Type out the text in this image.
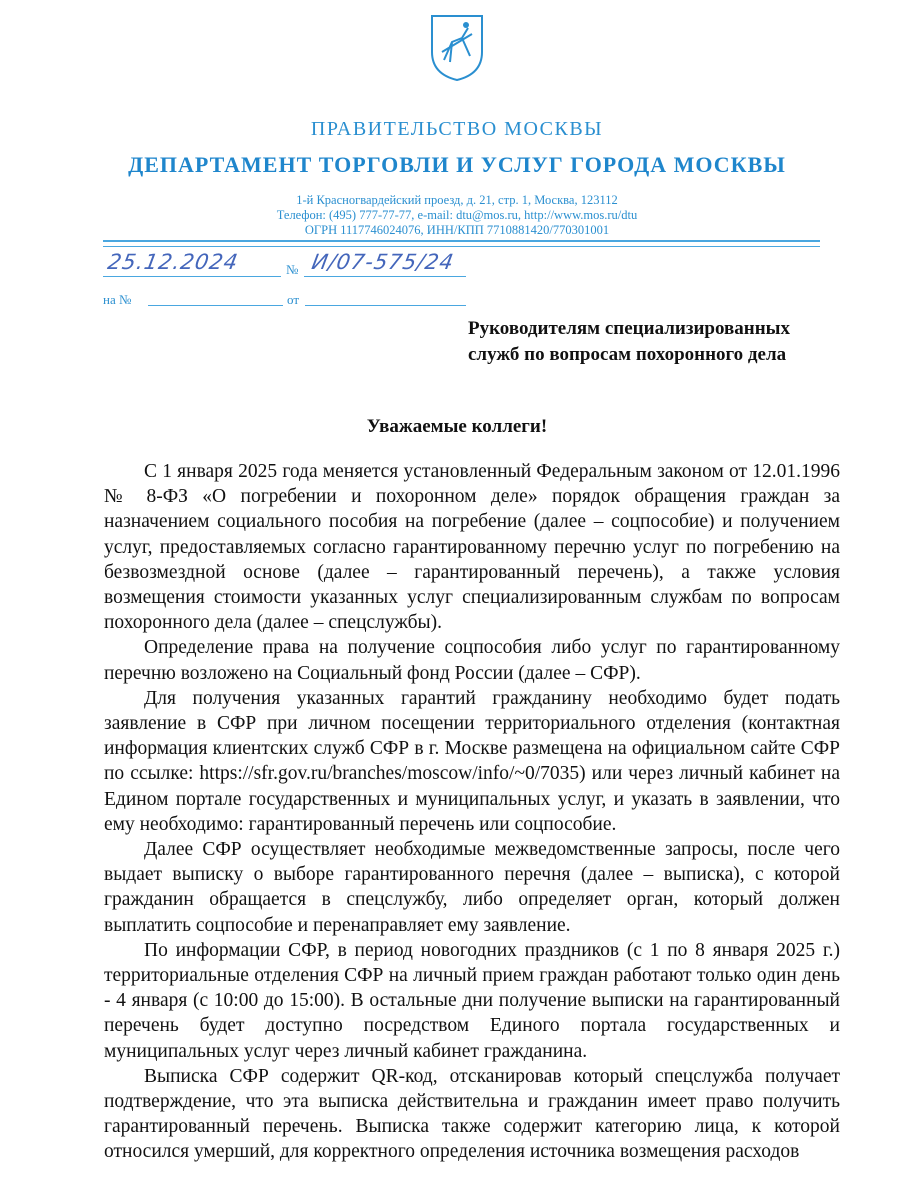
ПРАВИТЕЛЬСТВО МОСКВЫ
ДЕПАРТАМЕНТ ТОРГОВЛИ И УСЛУГ ГОРОДА МОСКВЫ
1-й Красногвардейский проезд, д. 21, стр. 1, Москва, 123112
Телефон: (495) 777-77-77, e-mail: dtu@mos.ru, http://www.mos.ru/dtu
ОГРН 1117746024076, ИНН/КПП 7710881420/770301001
25.12.2024	№ И/07-575/24
на №	от
Руководителям специализированных
служб по вопросам похоронного дела
Уважаемые коллеги!

С 1 января 2025 года меняется установленный Федеральным законом от 12.01.1996 № 8-ФЗ «О погребении и похоронном деле» порядок обращения граждан за назначением социального пособия на погребение (далее – соцпособие) и получением услуг, предоставляемых согласно гарантированному перечню услуг по погребению на безвозмездной основе (далее – гарантированный перечень), а также условия возмещения стоимости указанных услуг специализированным службам по вопросам похоронного дела (далее – спецслужбы).

Определение права на получение соцпособия либо услуг по гарантированному перечню возложено на Социальный фонд России (далее – СФР).

Для получения указанных гарантий гражданину необходимо будет подать заявление в СФР при личном посещении территориального отделения (контактная информация клиентских служб СФР в г. Москве размещена на официальном сайте СФР по ссылке: https://sfr.gov.ru/branches/moscow/info/~0/7035) или через личный кабинет на Едином портале государственных и муниципальных услуг, и указать в заявлении, что ему необходимо: гарантированный перечень или соцпособие.

Далее СФР осуществляет необходимые межведомственные запросы, после чего выдает выписку о выборе гарантированного перечня (далее – выписка), с которой гражданин обращается в спецслужбу, либо определяет орган, который должен выплатить соцпособие и перенаправляет ему заявление.

По информации СФР, в период новогодних праздников (с 1 по 8 января 2025 г.) территориальные отделения СФР на личный прием граждан работают только один день - 4 января (с 10:00 до 15:00). В остальные дни получение выписки на гарантированный перечень будет доступно посредством Единого портала государственных и муниципальных услуг через личный кабинет гражданина.

Выписка СФР содержит QR-код, отсканировав который спецслужба получает подтверждение, что эта выписка действительна и гражданин имеет право получить гарантированный перечень. Выписка также содержит категорию лица, к которой относился умерший, для корректного определения источника возмещения расходов
